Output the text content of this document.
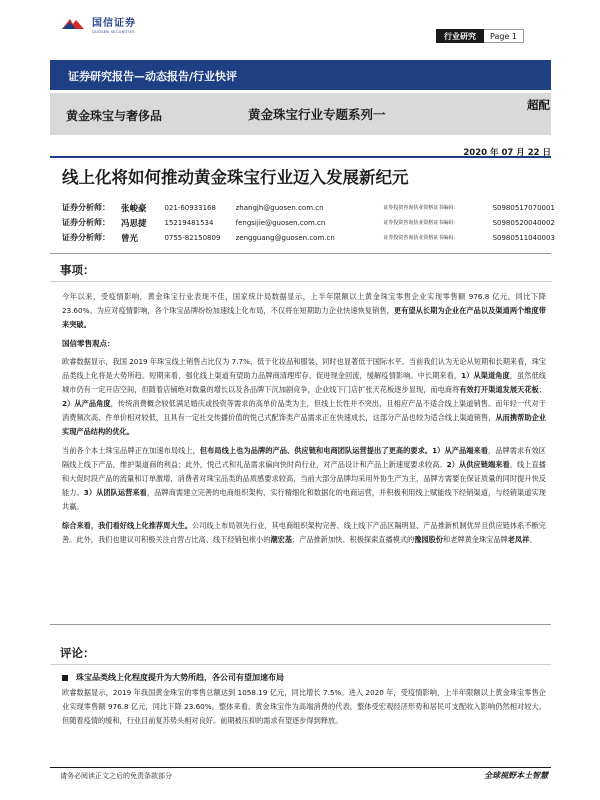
国信证券
GUOSEN SECURITIES	行业研究	Page 1
证券研究报告—动态报告/行业快评
黄金珠宝与奢侈品	黄金珠宝行业专题系列一
超配
2020 年 07 月 22 日
线上化将如何推动黄金珠宝行业迈入发展新纪元
证券分析师：	张峻豪	021-60933168	zhangjh@guosen.com.cn	证券投资咨询执业资格证书编码：	S0980517070001
证券分析师：	冯思捷	15219481534	fengsijie@guosen.com.cn	证券投资咨询执业资格证书编码：	S0980520040002
证券分析师：	曾光	0755-82150809	zengguang@guosen.com.cn	证券投资咨询执业资格证书编码：	S0980511040003
事项：
今年以来，受疫情影响，黄金珠宝行业表现不佳，国家统计局数据显示，上半年限额以上黄金珠宝零售企业实现零售额 976.8 亿元，同比下降 23.60%。为应对疫情影响，各个珠宝品牌纷纷加速线上化布局，不仅将在短期助力企业快速恢复销售，更有望从长期为企业在产品以及渠道两个维度带来突破。
国信零售观点：
欧睿数据显示，我国 2019 年珠宝线上销售占比仅为 7.7%，低于化妆品和服装，同时也显著低于国际水平。当前我们认为无论从短期和长期来看，珠宝品类线上化将是大势所趋。短期来看，强化线上渠道有望助力品牌商清理库存、促进现金回流，缓解疫情影响。中长期来看，1）从渠道角度，虽然低线城市仍有一定开店空间，但随着店铺绝对数量的增长以及各品牌下沉加剧竞争，企业线下门店扩张天花板逐步显现，而电商将有效打开渠道发展天花板；2）从产品角度，传统消费概念较低满足婚庆或投资等需求的高单价品类为主，但线上长性并不突出，且相应产品不适合线上渠道销售。而年轻一代对于消费频次高、件单价相对较低，且具有一定社交传播价值的悦己式配饰类产品需求正在快速成长，这部分产品也较为适合线上渠道销售，从而携帮助企业实现产品结构的优化。
当前各个本土珠宝品牌正在加速布局线上，但布局线上也为品牌的产品、供应链和电商团队运营提出了更高的要求。1）从产品端来看，品牌需求有效区隔线上线下产品，维护渠道商的利益；此外，悦己式和礼品需求偏向快时尚行业，对产品设计和产品上新速度要求较高。2）从供应链端来看，线上直播和大促时段产品的流量和订单激增，消费者对珠宝品类的品质感要求较高，当前大部分品牌均采用外协生产为主，品牌方需要在保证质量的同时提升快反能力。3）从团队运营来看，品牌商需建立完善的电商组织架构，实行精细化和数据化的电商运营，并积极利用线上赋能线下经销渠道，与经销渠道实现共赢。
综合来看，我们看好线上化推荐周大生。公司线上布局领先行业，其电商组织架构完善、线上线下产品区隔明显、产品推新机制优异且供应链体系不断完善。此外，我们也建议可积极关注自营占比高、线下经销包袱小的潮宏基；产品推新加快、积极探索直播模式的豫园股份和老牌黄金珠宝品牌老凤祥。
评论：
珠宝品类线上化程度提升为大势所趋，各公司有望加速布局
欧睿数据显示，2019 年我国黄金珠宝的零售总额达到 1058.19 亿元，同比增长 7.5%。进入 2020 年，受疫情影响，上半年限额以上黄金珠宝零售企业实现零售额 976.8 亿元，同比下降 23.60%。整体来看，黄金珠宝作为高端消费的代表，整体受宏观经济形势和居民可支配收入影响仍然相对较大。但随着疫情的缓和，行业目前复苏势头相对良好。前期被压抑的需求有望逐步得到释放。
请务必阅读正文之后的免责条款部分	全球视野本土智慧
